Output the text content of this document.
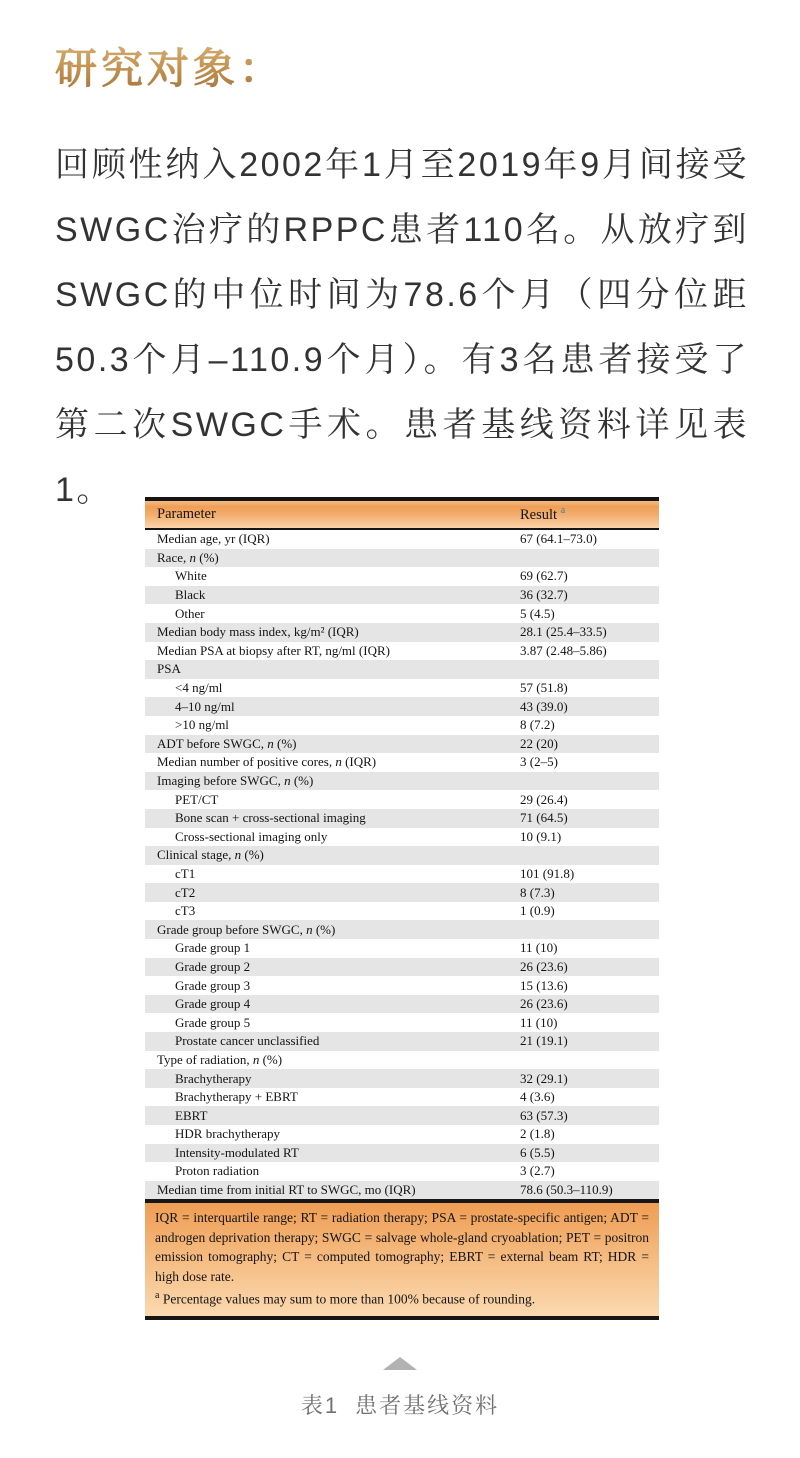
研究对象：
回顾性纳入2002年1月至2019年9月间接受SWGC治疗的RPPC患者110名。从放疗到SWGC的中位时间为78.6个月（四分位距50.3个月–110.9个月）。有3名患者接受了第二次SWGC手术。患者基线资料详见表1。
Parameter	Result $^a$
Median age, yr (IQR)	67 (64.1–73.0)
Race, n (%)
White	69 (62.7)
Black	36 (32.7)
Other	5 (4.5)
Median body mass index, kg/m² (IQR)	28.1 (25.4–33.5)
Median PSA at biopsy after RT, ng/ml (IQR)	3.87 (2.48–5.86)
PSA
<4 ng/ml	57 (51.8)
4–10 ng/ml	43 (39.0)
>10 ng/ml	8 (7.2)
ADT before SWGC, n (%)	22 (20)
Median number of positive cores, n (IQR)	3 (2–5)
Imaging before SWGC, n (%)
PET/CT	29 (26.4)
Bone scan + cross-sectional imaging	71 (64.5)
Cross-sectional imaging only	10 (9.1)
Clinical stage, n (%)
cT1	101 (91.8)
cT2	8 (7.3)
cT3	1 (0.9)
Grade group before SWGC, n (%)
Grade group 1	11 (10)
Grade group 2	26 (23.6)
Grade group 3	15 (13.6)
Grade group 4	26 (23.6)
Grade group 5	11 (10)
Prostate cancer unclassified	21 (19.1)
Type of radiation, n (%)
Brachytherapy	32 (29.1)
Brachytherapy + EBRT	4 (3.6)
EBRT	63 (57.3)
HDR brachytherapy	2 (1.8)
Intensity-modulated RT	6 (5.5)
Proton radiation	3 (2.7)
Median time from initial RT to SWGC, mo (IQR)	78.6 (50.3–110.9)
IQR = interquartile range; RT = radiation therapy; PSA = prostate-specific antigen; ADT = androgen deprivation therapy; SWGC = salvage whole-gland cryoablation; PET = positron emission tomography; CT = computed tomography; EBRT = external beam RT; HDR = high dose rate.
$^a$ Percentage values may sum to more than 100% because of rounding.
表1 患者基线资料
